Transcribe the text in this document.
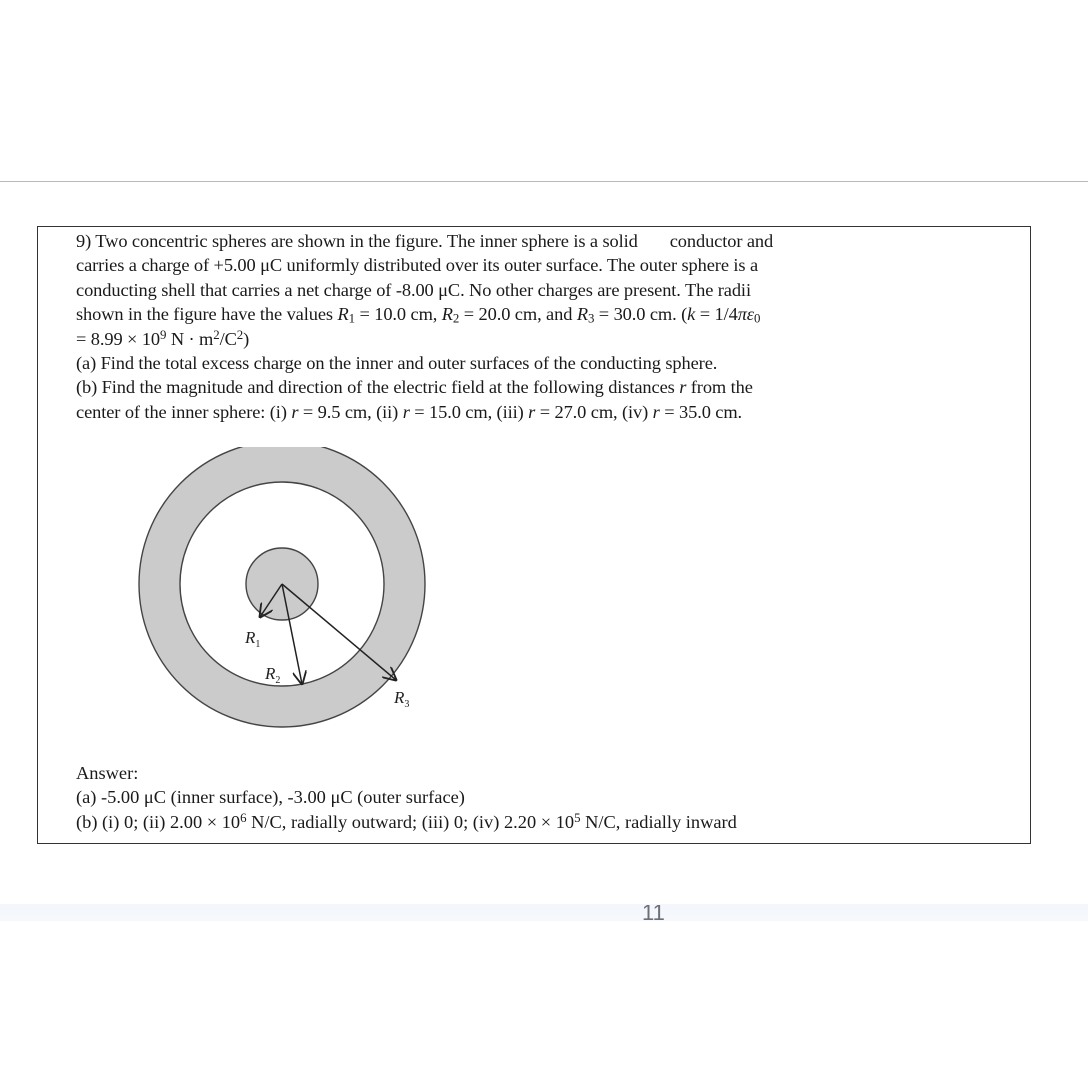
9) Two concentric spheres are shown in the figure. The inner sphere is a solid conductor and

carries a charge of +5.00 μC uniformly distributed over its outer surface. The outer sphere is a

conducting shell that carries a net charge of -8.00 μC. No other charges are present. The radii

shown in the figure have the values $R_1 = 10.0$ cm, $R_2 = 20.0$ cm, and $R_3 = 30.0$ cm. ($k = 1/4\pi\varepsilon_0$

= $8.99 \times 10^9$ $N \cdot m^2/C^2$)

(a) Find the total excess charge on the inner and outer surfaces of the conducting sphere.

(b) Find the magnitude and direction of the electric field at the following distances r from the

center of the inner sphere: (i) r = 9.5 cm, (ii) r = 15.0 cm, (iii) r = 27.0 cm, (iv) r = 35.0 cm.

$R_1$
$R_2$
$R_3$

Answer:

(a) -5.00 μC (inner surface), -3.00 μC (outer surface)

(b) (i) 0; (ii) $2.00 \times 10^6$ N/C, radially outward; (iii) 0; (iv) $2.20 \times 10^5$ N/C, radially inward

11
